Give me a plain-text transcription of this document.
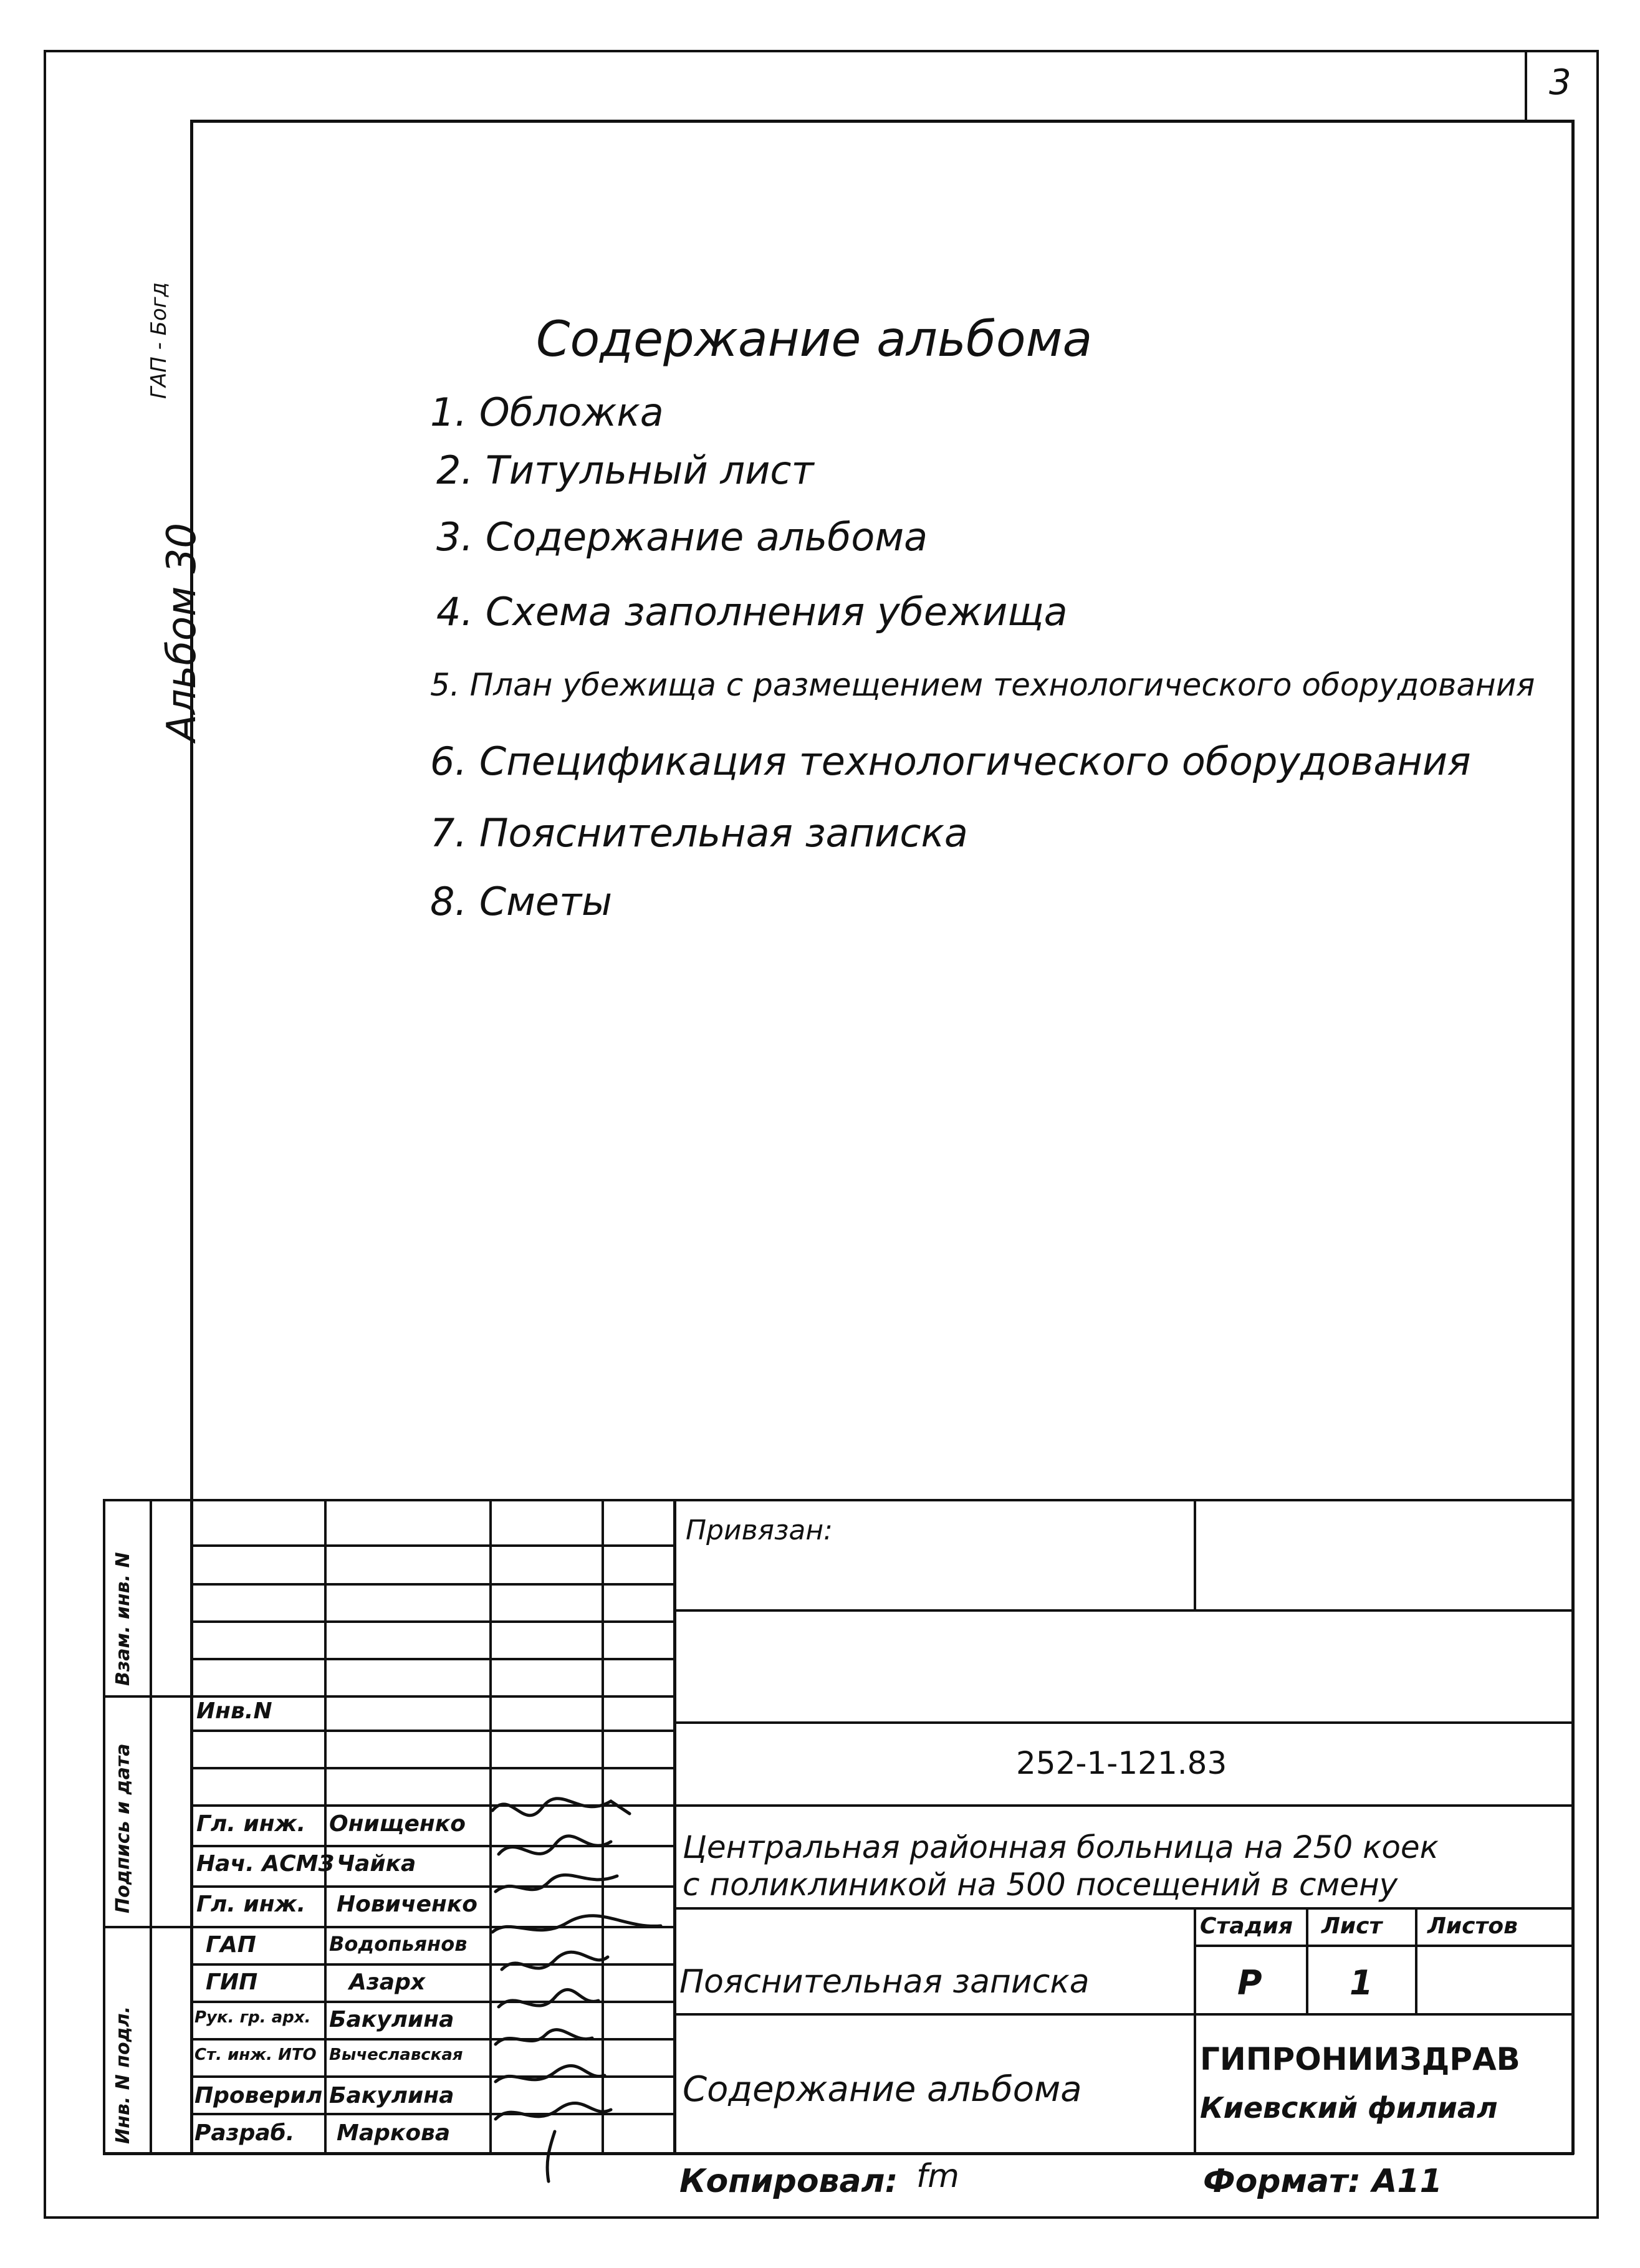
3
Альбом 30
ГАП - Богд	Содержание альбома
1. Обложка
2. Титульный лист
3. Содержание альбома
4. Схема заполнения убежища
5. План убежища с размещением технологического оборудования
6. Спецификация технологического оборудования
7. Пояснительная записка
8. Сметы
Взам. инв. N
Подпись и дата
Инв. N подл.
Инв.N
Привязан:
252-1-121.83
Центральная районная больница на 250 коек
с поликлиникой на 500 посещений в смену
Стадия Лист Листов
Р	1
Пояснительная записка
Содержание альбома
ГИПРОНИИЗДРАВ
Киевский филиал
Гл. инж. Онищенко
Нач. АСМЗ Чайка
Гл. инж. Новиченко
ГАП	Водопьянов
ГИП	Азарх
Рук. гр. арх. Бакулина
Ст. инж. ИТО Вычеславская
Проверил Бакулина
Разраб. Маркова
Копировал: fm	Формат: А11
